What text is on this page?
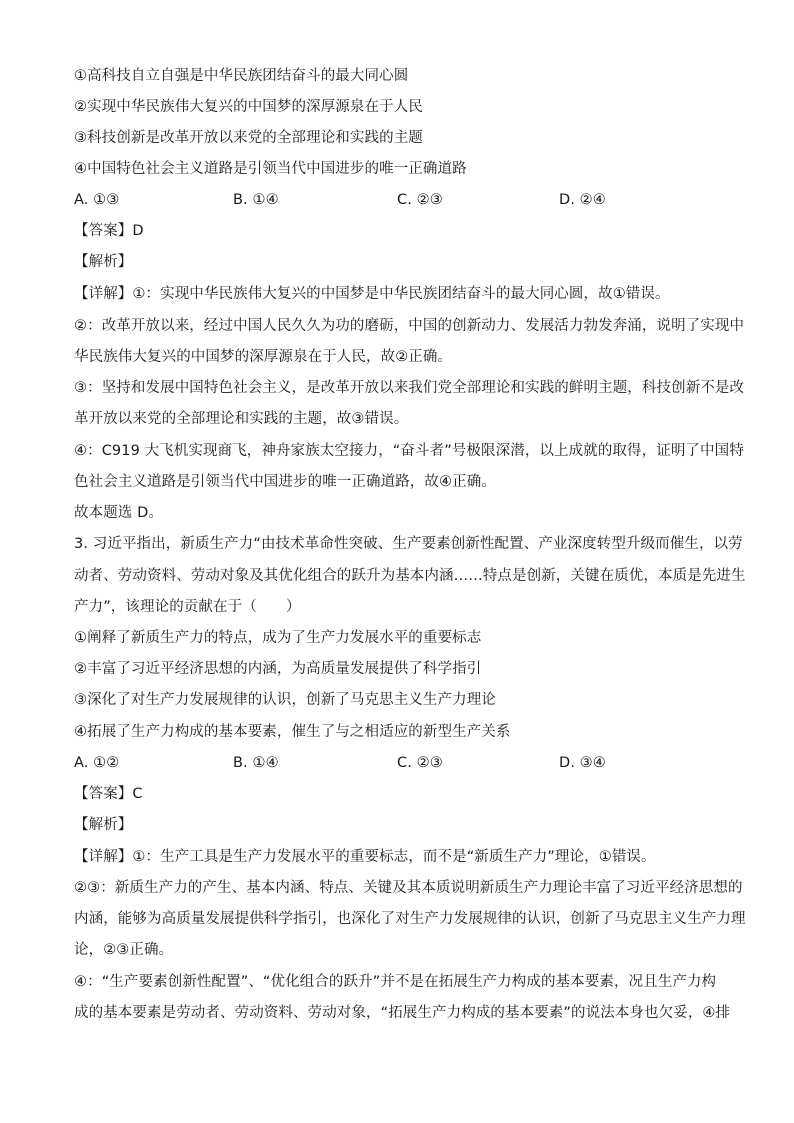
①高科技自立自强是中华民族团结奋斗的最大同心圆
②实现中华民族伟大复兴的中国梦的深厚源泉在于人民
③科技创新是改革开放以来党的全部理论和实践的主题
④中国特色社会主义道路是引领当代中国进步的唯一正确道路
A. ①③	B. ①④	C. ②③	D. ②④
【答案】D
【解析】
【详解】①：实现中华民族伟大复兴的中国梦是中华民族团结奋斗的最大同心圆，故①错误。
②：改革开放以来，经过中国人民久久为功的磨砺，中国的创新动力、发展活力勃发奔涌，说明了实现中
华民族伟大复兴的中国梦的深厚源泉在于人民，故②正确。
③：坚持和发展中国特色社会主义，是改革开放以来我们党全部理论和实践的鲜明主题，科技创新不是改
革开放以来党的全部理论和实践的主题，故③错误。
④：C919 大飞机实现商飞，神舟家族太空接力，“奋斗者”号极限深潜，以上成就的取得，证明了中国特
色社会主义道路是引领当代中国进步的唯一正确道路，故④正确。
故本题选 D。
3. 习近平指出，新质生产力“由技术革命性突破、生产要素创新性配置、产业深度转型升级而催生，以劳
动者、劳动资料、劳动对象及其优化组合的跃升为基本内涵……特点是创新，关键在质优，本质是先进生
产力”，该理论的贡献在于（　　）
①阐释了新质生产力的特点，成为了生产力发展水平的重要标志
②丰富了习近平经济思想的内涵，为高质量发展提供了科学指引
③深化了对生产力发展规律的认识，创新了马克思主义生产力理论
④拓展了生产力构成的基本要素，催生了与之相适应的新型生产关系
A. ①②	B. ①④	C. ②③	D. ③④
【答案】C
【解析】
【详解】①：生产工具是生产力发展水平的重要标志，而不是“新质生产力”理论，①错误。
②③：新质生产力的产生、基本内涵、特点、关键及其本质说明新质生产力理论丰富了习近平经济思想的
内涵，能够为高质量发展提供科学指引，也深化了对生产力发展规律的认识，创新了马克思主义生产力理
论，②③正确。
④：“生产要素创新性配置”、“优化组合的跃升”并不是在拓展生产力构成的基本要素，况且生产力构
成的基本要素是劳动者、劳动资料、劳动对象，“拓展生产力构成的基本要素”的说法本身也欠妥，④排
